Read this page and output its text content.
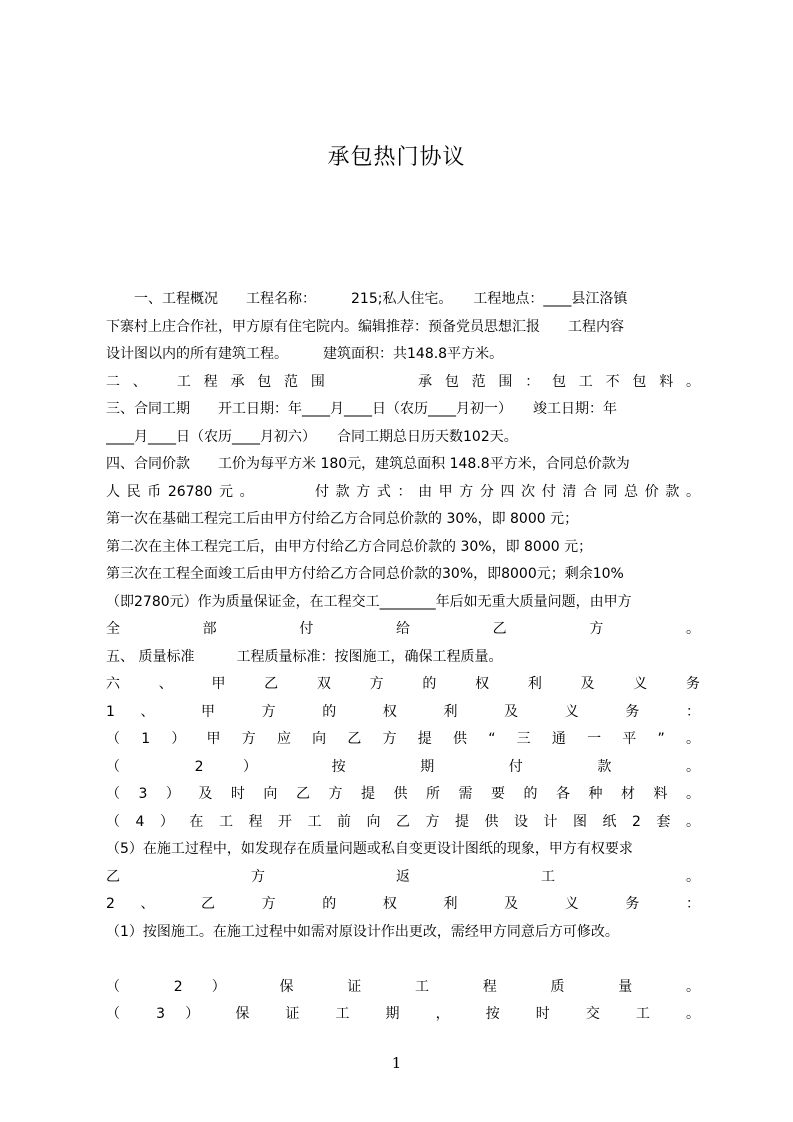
承包热门协议
一、工程概况　　工程名称：　　　215;私人住宅。　　工程地点：____县江洛镇
下寨村上庄合作社，甲方原有住宅院内。编辑推荐：预备党员思想汇报　　工程内容
设计图以内的所有建筑工程。　　　建筑面积：共148.8平方米。
二、 工程承包范围　　　承包范围：包工不包料。
三、合同工期　　开工日期：年____月____日（农历____月初一）　　竣工日期：年
____月____日（农历____月初六）　　合同工期总日历天数102天。
四、合同价款　　工价为每平方米 180元，建筑总面积 148.8平方米，合同总价款为
人民币26780元。　　　付款方式：由甲方分四次付清合同总价款。
第一次在基础工程完工后由甲方付给乙方合同总价款的 30%，即 8000 元；
第二次在主体工程完工后，由甲方付给乙方合同总价款的 30%，即 8000 元；
第三次在工程全面竣工后由甲方付给乙方合同总价款的30%，即8000元；剩余10%
（即2780元）作为质量保证金，在工程交工________年后如无重大质量问题，由甲方
全　部　付　给　乙　方　。
五、 质量标准　　　工程质量标准：按图施工，确保工程质量。
六 、 甲 乙 双 方 的 权 利 及 义 务
1 、 甲 方 的 权 利 及 义 务 ：
（1）甲方应向乙方提供“三通一平”。
（ 2 ） 按 期 付 款 。
（3）及时向乙方提供所需要的各种材料。
（4）在工程开工前向乙方提供设计图纸2套。
（5）在施工过程中，如发现存在质量问题或私自变更设计图纸的现象，甲方有权要求
乙　方　返　工　。
2 、 乙 方 的 权 利 及 义 务 ：
（1）按图施工。在施工过程中如需对原设计作出更改，需经甲方同意后方可修改。
（ 2 ） 保 证 工 程 质 量 。
（ 3 ） 保 证 工 期 ， 按 时 交 工 。
1
